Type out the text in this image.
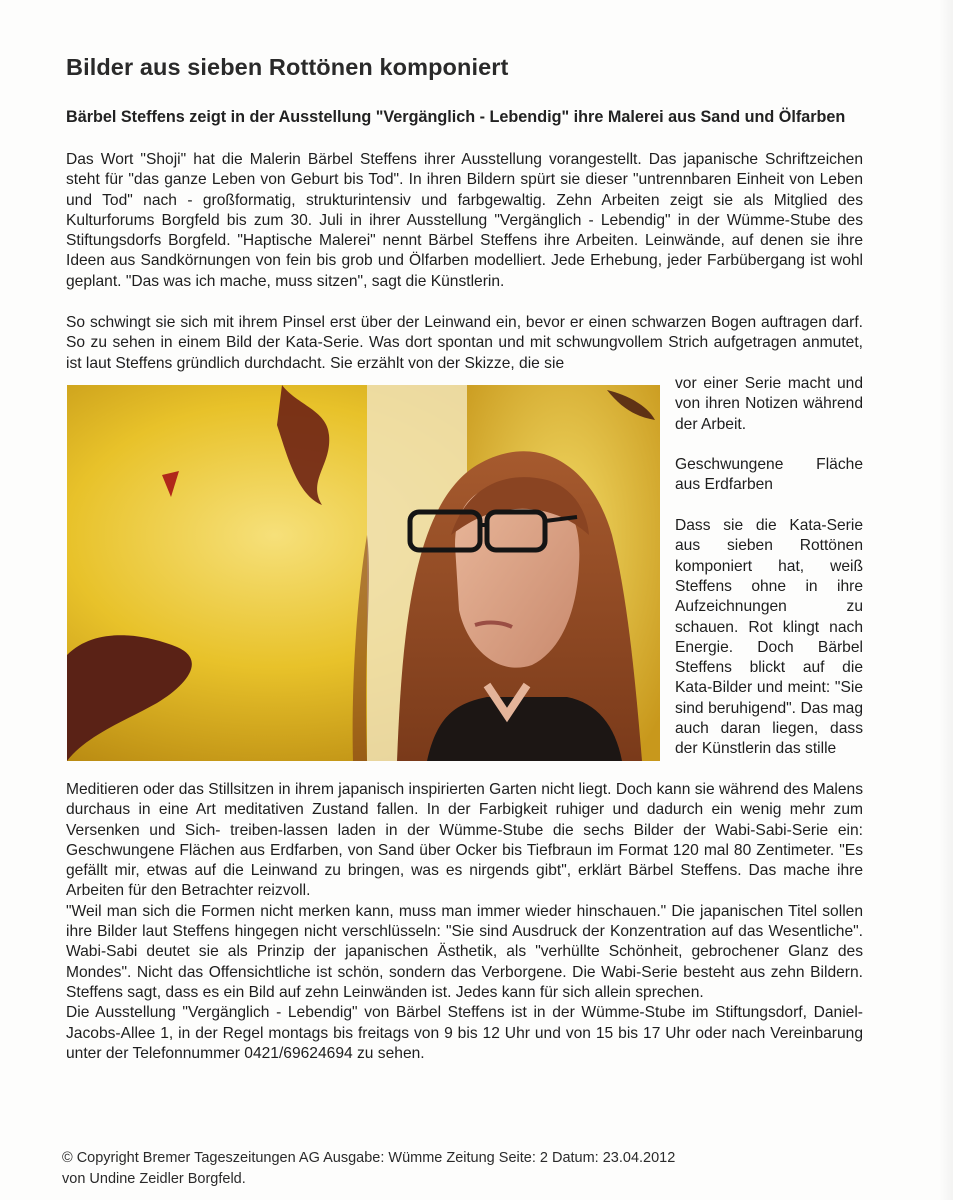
Bilder aus sieben Rottönen komponiert
Bärbel Steffens zeigt in der Ausstellung "Vergänglich - Lebendig" ihre Malerei aus Sand und Ölfarben

Das Wort "Shoji" hat die Malerin Bärbel Steffens ihrer Ausstellung vorangestellt. Das japanische Schriftzeichen steht für "das ganze Leben von Geburt bis Tod". In ihren Bildern spürt sie dieser "untrennbaren Einheit von Leben und Tod" nach - großformatig, strukturintensiv und farbgewaltig. Zehn Arbeiten zeigt sie als Mitglied des Kulturforums Borgfeld bis zum 30. Juli in ihrer Ausstellung "Vergänglich - Lebendig" in der Wümme-Stube des Stiftungsdorfs Borgfeld. "Haptische Malerei" nennt Bärbel Steffens ihre Arbeiten. Leinwände, auf denen sie ihre Ideen aus Sandkörnungen von fein bis grob und Ölfarben modelliert. Jede Erhebung, jeder Farbübergang ist wohl geplant. "Das was ich mache, muss sitzen", sagt die Künstlerin.

So schwingt sie sich mit ihrem Pinsel erst über der Leinwand ein, bevor er einen schwarzen Bogen auftragen darf. So zu sehen in einem Bild der Kata-Serie. Was dort spontan und mit schwungvollem Strich aufgetragen anmutet, ist laut Steffens gründlich durchdacht. Sie erzählt von der Skizze, die sie

vor einer Serie macht und von ihren Notizen während der Arbeit.

Geschwungene Fläche aus Erdfarben

Dass sie die Kata-Serie aus sieben Rottönen komponiert hat, weiß Steffens ohne in ihre Aufzeichnungen zu schauen. Rot klingt nach Energie. Doch Bärbel Steffens blickt auf die Kata-Bilder und meint: "Sie sind beruhigend". Das mag auch daran liegen, dass der Künstlerin das stille

Meditieren oder das Stillsitzen in ihrem japanisch inspirierten Garten nicht liegt. Doch kann sie während des Malens durchaus in eine Art meditativen Zustand fallen. In der Farbigkeit ruhiger und dadurch ein wenig mehr zum Versenken und Sich- treiben-lassen laden in der Wümme-Stube die sechs Bilder der Wabi-Sabi-Serie ein: Geschwungene Flächen aus Erdfarben, von Sand über Ocker bis Tiefbraun im Format 120 mal 80 Zentimeter. "Es gefällt mir, etwas auf die Leinwand zu bringen, was es nirgends gibt", erklärt Bärbel Steffens. Das mache ihre Arbeiten für den Betrachter reizvoll.

"Weil man sich die Formen nicht merken kann, muss man immer wieder hinschauen." Die japanischen Titel sollen ihre Bilder laut Steffens hingegen nicht verschlüsseln: "Sie sind Ausdruck der Konzentration auf das Wesentliche". Wabi-Sabi deutet sie als Prinzip der japanischen Ästhetik, als "verhüllte Schönheit, gebrochener Glanz des Mondes". Nicht das Offensichtliche ist schön, sondern das Verborgene. Die Wabi-Serie besteht aus zehn Bildern. Steffens sagt, dass es ein Bild auf zehn Leinwänden ist. Jedes kann für sich allein sprechen.

Die Ausstellung "Vergänglich - Lebendig" von Bärbel Steffens ist in der Wümme-Stube im Stiftungsdorf, Daniel-Jacobs-Allee 1, in der Regel montags bis freitags von 9 bis 12 Uhr und von 15 bis 17 Uhr oder nach Vereinbarung unter der Telefonnummer 0421/69624694 zu sehen.

© Copyright Bremer Tageszeitungen AG Ausgabe: Wümme Zeitung Seite: 2 Datum: 23.04.2012
von Undine Zeidler Borgfeld.
